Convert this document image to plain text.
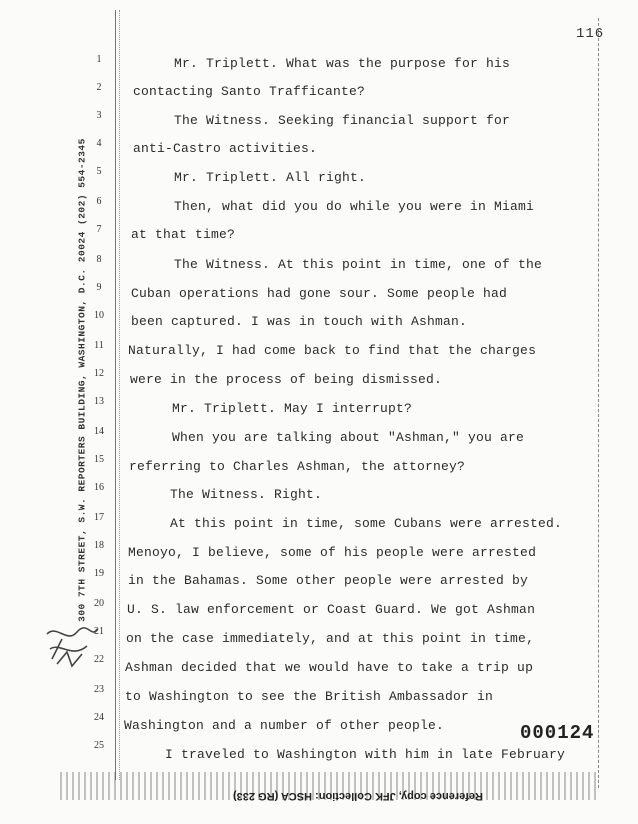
116
300 7TH STREET, S.W. REPORTERS BUILDING, WASHINGTON, D.C. 20024 (202) 554-2345
1
2
3
4
5
6
7
8
9
10
11
12
13
14
15
16
17
18
19
20
21
22
23
24
25
Mr. Triplett. What was the purpose for his
contacting Santo Trafficante?
The Witness. Seeking financial support for
anti-Castro activities.
Mr. Triplett. All right.
Then, what did you do while you were in Miami
at that time?
The Witness. At this point in time, one of the
Cuban operations had gone sour. Some people had
been captured. I was in touch with Ashman.
Naturally, I had come back to find that the charges
were in the process of being dismissed.
Mr. Triplett. May I interrupt?
When you are talking about "Ashman," you are
referring to Charles Ashman, the attorney?
The Witness. Right.
At this point in time, some Cubans were arrested.
Menoyo, I believe, some of his people were arrested
in the Bahamas. Some other people were arrested by
U. S. law enforcement or Coast Guard. We got Ashman
on the case immediately, and at this point in time,
Ashman decided that we would have to take a trip up
to Washington to see the British Ambassador in
Washington and a number of other people.
I traveled to Washington with him in late February
000124
Reference copy, JFK Collection: HSCA (RG 233)
